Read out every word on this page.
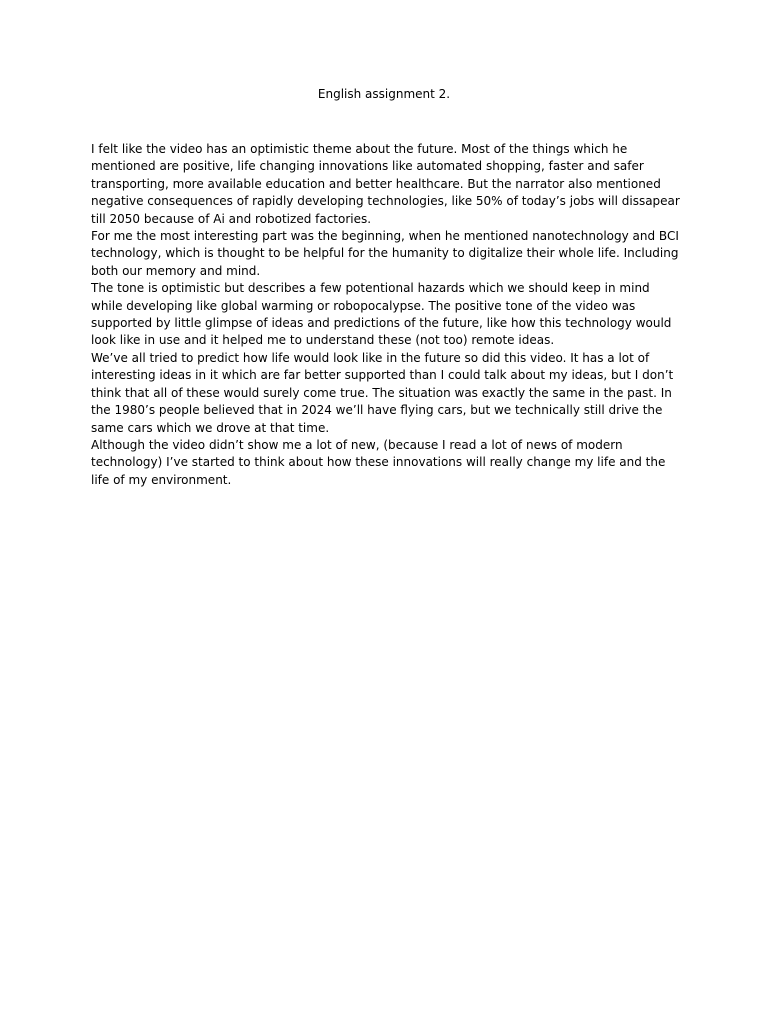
English assignment 2.

I felt like the video has an optimistic theme about the future. Most of the things which he mentioned are positive, life changing innovations like automated shopping, faster and safer transporting, more available education and better healthcare. But the narrator also mentioned negative consequences of rapidly developing technologies, like 50% of today’s jobs will dissapear till 2050 because of Ai and robotized factories.

For me the most interesting part was the beginning, when he mentioned nanotechnology and BCI technology, which is thought to be helpful for the humanity to digitalize their whole life. Including both our memory and mind.

The tone is optimistic but describes a few potentional hazards which we should keep in mind while developing like global warming or robopocalypse. The positive tone of the video was supported by little glimpse of ideas and predictions of the future, like how this technology would look like in use and it helped me to understand these (not too) remote ideas.

We’ve all tried to predict how life would look like in the future so did this video. It has a lot of interesting ideas in it which are far better supported than I could talk about my ideas, but I don’t think that all of these would surely come true. The situation was exactly the same in the past. In the 1980’s people believed that in 2024 we’ll have flying cars, but we technically still drive the same cars which we drove at that time.

Although the video didn’t show me a lot of new, (because I read a lot of news of modern technology) I’ve started to think about how these innovations will really change my life and the life of my environment.
